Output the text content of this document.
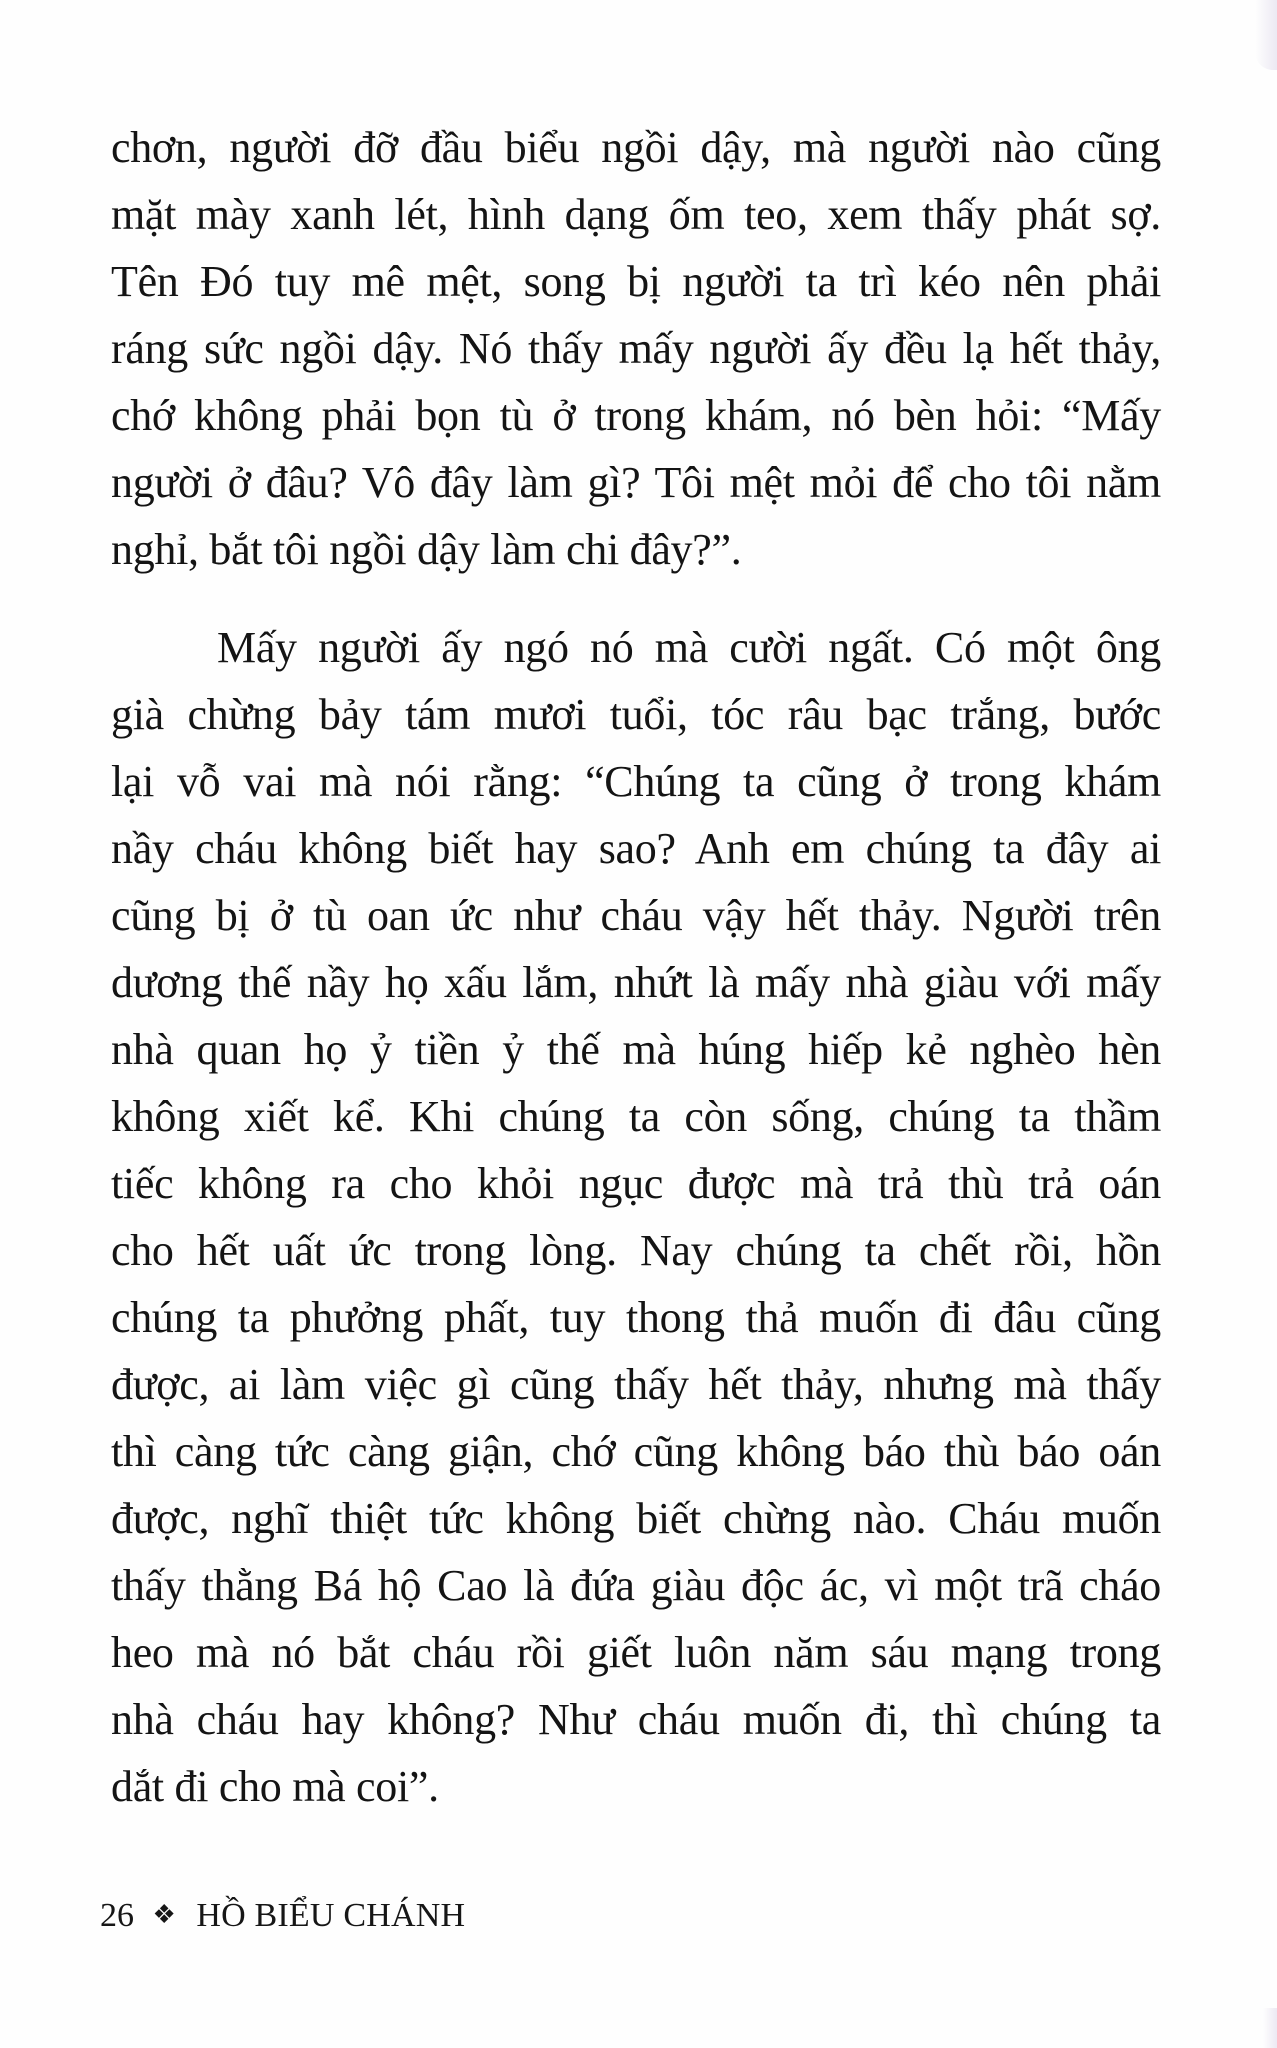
chơn, người đỡ đầu biểu ngồi dậy, mà người nào cũng
mặt mày xanh lét, hình dạng ốm teo, xem thấy phát sợ.
Tên Đó tuy mê mệt, song bị người ta trì kéo nên phải
ráng sức ngồi dậy. Nó thấy mấy người ấy đều lạ hết thảy,
chớ không phải bọn tù ở trong khám, nó bèn hỏi: “Mấy
người ở đâu? Vô đây làm gì? Tôi mệt mỏi để cho tôi nằm
nghỉ, bắt tôi ngồi dậy làm chi đây?”.
Mấy người ấy ngó nó mà cười ngất. Có một ông
già chừng bảy tám mươi tuổi, tóc râu bạc trắng, bước
lại vỗ vai mà nói rằng: “Chúng ta cũng ở trong khám
nầy cháu không biết hay sao? Anh em chúng ta đây ai
cũng bị ở tù oan ức như cháu vậy hết thảy. Người trên
dương thế nầy họ xấu lắm, nhứt là mấy nhà giàu với mấy
nhà quan họ ỷ tiền ỷ thế mà húng hiếp kẻ nghèo hèn
không xiết kể. Khi chúng ta còn sống, chúng ta thầm
tiếc không ra cho khỏi ngục được mà trả thù trả oán
cho hết uất ức trong lòng. Nay chúng ta chết rồi, hồn
chúng ta phưởng phất, tuy thong thả muốn đi đâu cũng
được, ai làm việc gì cũng thấy hết thảy, nhưng mà thấy
thì càng tức càng giận, chớ cũng không báo thù báo oán
được, nghĩ thiệt tức không biết chừng nào. Cháu muốn
thấy thằng Bá hộ Cao là đứa giàu độc ác, vì một trã cháo
heo mà nó bắt cháu rồi giết luôn năm sáu mạng trong
nhà cháu hay không? Như cháu muốn đi, thì chúng ta
dắt đi cho mà coi”.
26 ❖ HỒ BIỂU CHÁNH
